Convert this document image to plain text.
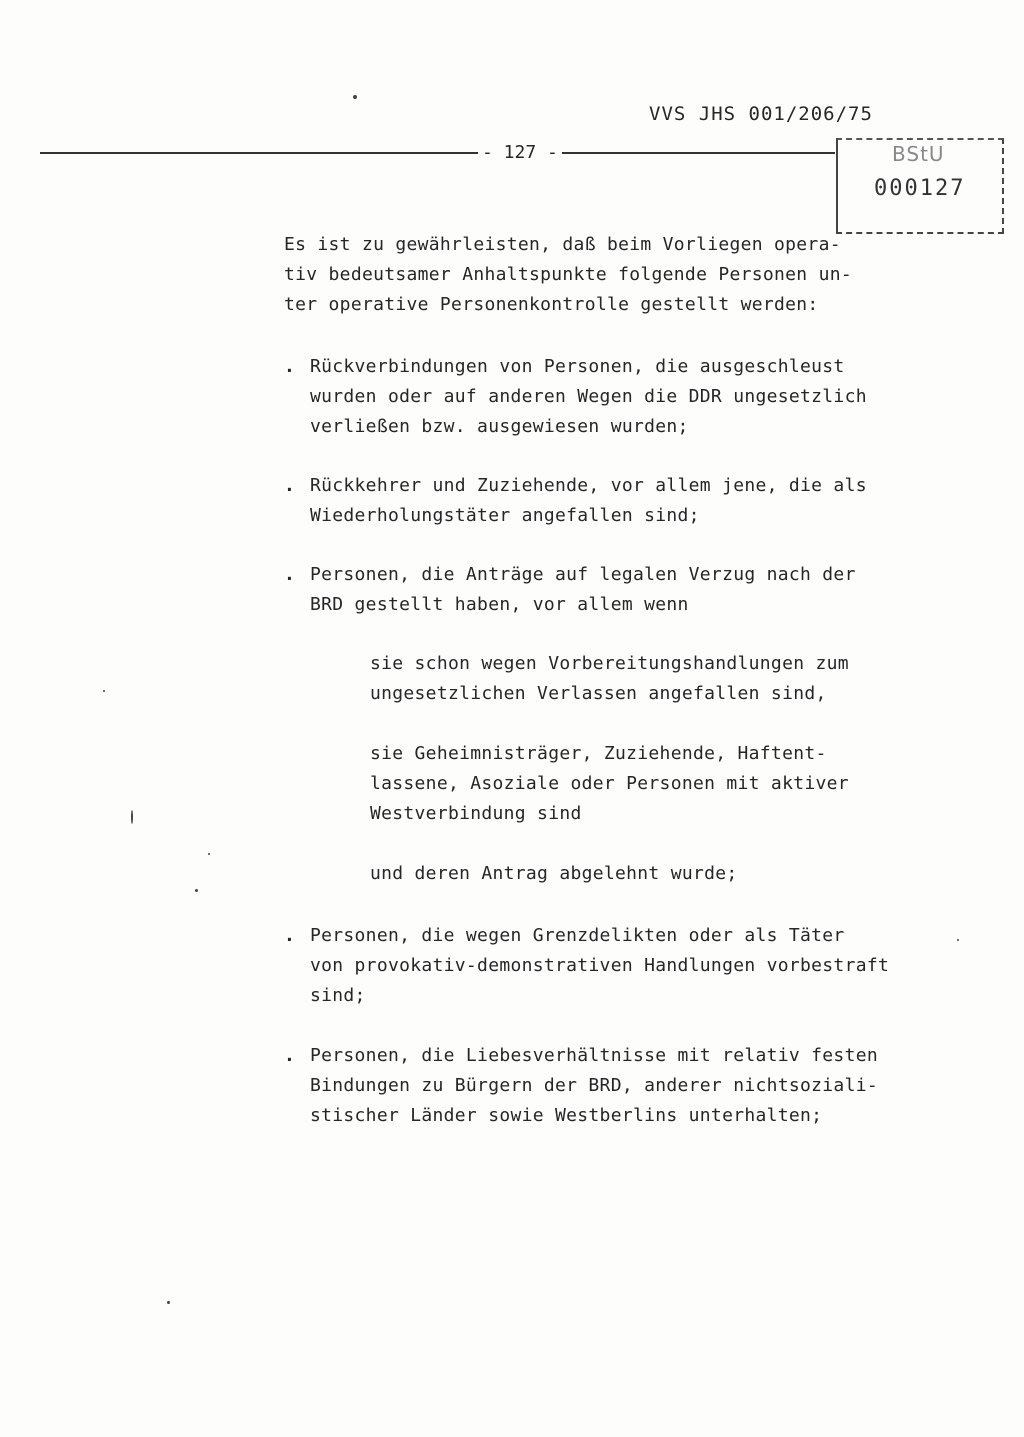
VVS JHS 001/206/75
- 127 -	BStU
000127
Es ist zu gewährleisten, daß beim Vorliegen opera-
tiv bedeutsamer Anhaltspunkte folgende Personen un-
ter operative Personenkontrolle gestellt werden:
. Rückverbindungen von Personen, die ausgeschleust
wurden oder auf anderen Wegen die DDR ungesetzlich
verließen bzw. ausgewiesen wurden;
. Rückkehrer und Zuziehende, vor allem jene, die als
Wiederholungstäter angefallen sind;
. Personen, die Anträge auf legalen Verzug nach der
BRD gestellt haben, vor allem wenn
sie schon wegen Vorbereitungshandlungen zum
ungesetzlichen Verlassen angefallen sind,
sie Geheimnisträger, Zuziehende, Haftent-
lassene, Asoziale oder Personen mit aktiver
Westverbindung sind
und deren Antrag abgelehnt wurde;
. Personen, die wegen Grenzdelikten oder als Täter
von provokativ-demonstrativen Handlungen vorbestraft
sind;
. Personen, die Liebesverhältnisse mit relativ festen
Bindungen zu Bürgern der BRD, anderer nichtsoziali-
stischer Länder sowie Westberlins unterhalten;
